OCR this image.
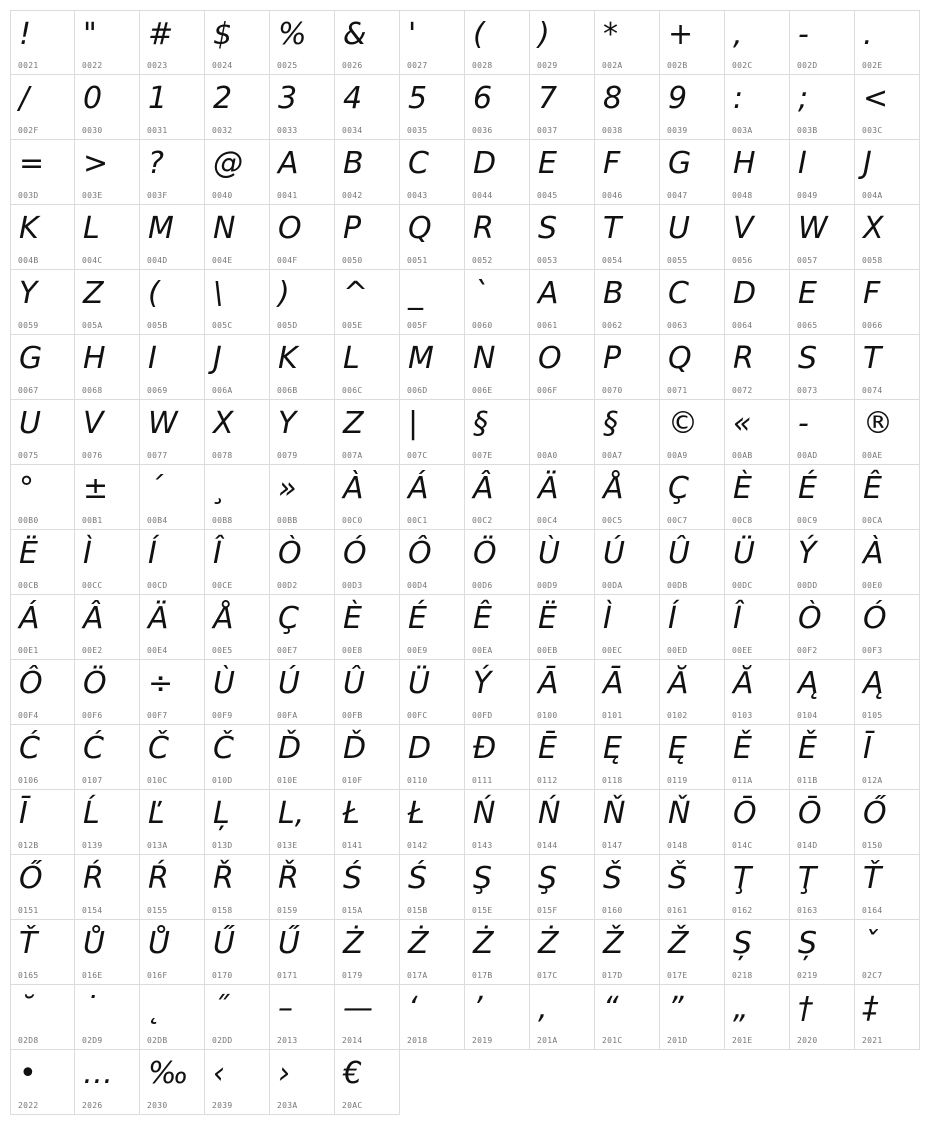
!
0021
"
0022
#
0023
$
0024
%
0025
&
0026
'
0027
(
0028
)
0029
*
002A
+
002B
,
002C
-
002D
.
002E
/
002F
0
0030
1
0031
2
0032
3
0033
4
0034
5
0035
6
0036
7
0037
8
0038
9
0039
:
003A
;
003B
<
003C
=
003D
>
003E
?
003F
@
0040
A
0041
B
0042
C
0043
D
0044
E
0045
F
0046
G
0047
H
0048
I
0049
J
004A
K
004B
L
004C
M
004D
N
004E
O
004F
P
0050
Q
0051
R
0052
S
0053
T
0054
U
0055
V
0056
W
0057
X
0058
Y
0059
Z
005A
(
005B
\
005C
)
005D
^
005E
_
005F
`
0060
A
0061
B
0062
C
0063
D
0064
E
0065
F
0066
G
0067
H
0068
I
0069
J
006A
K
006B
L
006C
M
006D
N
006E
O
006F
P
0070
Q
0071
R
0072
S
0073
T
0074
U
0075
V
0076
W
0077
X
0078
Y
0079
Z
007A
|
007C
§
007E	00A0
§
00A7
©
00A9
«
00AB
-
00AD
®
00AE
°
00B0
±
00B1
´
00B4
¸
00B8
»
00BB
À
00C0
Á
00C1
Â
00C2
Ä
00C4
Å
00C5
Ç
00C7
È
00C8
É
00C9
Ê
00CA
Ë
00CB
Ì
00CC
Í
00CD
Î
00CE
Ò
00D2
Ó
00D3
Ô
00D4
Ö
00D6
Ù
00D9
Ú
00DA
Û
00DB
Ü
00DC
Ý
00DD
À
00E0
Á
00E1
Â
00E2
Ä
00E4
Å
00E5
Ç
00E7
È
00E8
É
00E9
Ê
00EA
Ë
00EB
Ì
00EC
Í
00ED
Î
00EE
Ò
00F2
Ó
00F3
Ô
00F4
Ö
00F6
÷
00F7
Ù
00F9
Ú
00FA
Û
00FB
Ü
00FC
Ý
00FD
Ā
0100
Ā
0101
Ă
0102
Ă
0103
Ą
0104
Ą
0105
Ć
0106
Ć
0107
Č
010C
Č
010D
Ď
010E
Ď
010F
D
0110
Đ
0111
Ē
0112
Ę
0118
Ę
0119
Ě
011A
Ě
011B
Ī
012A
Ī
012B
Ĺ
0139
Ľ
013A
Ļ
013D
L,
013E
Ł
0141
Ł
0142
Ń
0143
Ń
0144
Ň
0147
Ň
0148
Ō
014C
Ō
014D
Ő
0150
Ő
0151
Ŕ
0154
Ŕ
0155
Ř
0158
Ř
0159
Ś
015A
Ś
015B
Ş
015E
Ş
015F
Š
0160
Š
0161
Ţ
0162
Ţ
0163
Ť
0164
Ť
0165
Ů
016E
Ů
016F
Ű
0170
Ű
0171
Ż
0179
Ż
017A
Ż
017B
Ż
017C
Ž
017D
Ž
017E
Ș
0218
Ș
0219
ˇ
02C7
˘
02D8
˙
02D9
˛
02DB
˝
02DD
–
2013
—
2014
‘
2018
’
2019
‚
201A
“
201C
”
201D
„
201E
†
2020
‡
2021
•
2022
…
2026
‰
2030
‹
2039
›
203A
€
20AC
